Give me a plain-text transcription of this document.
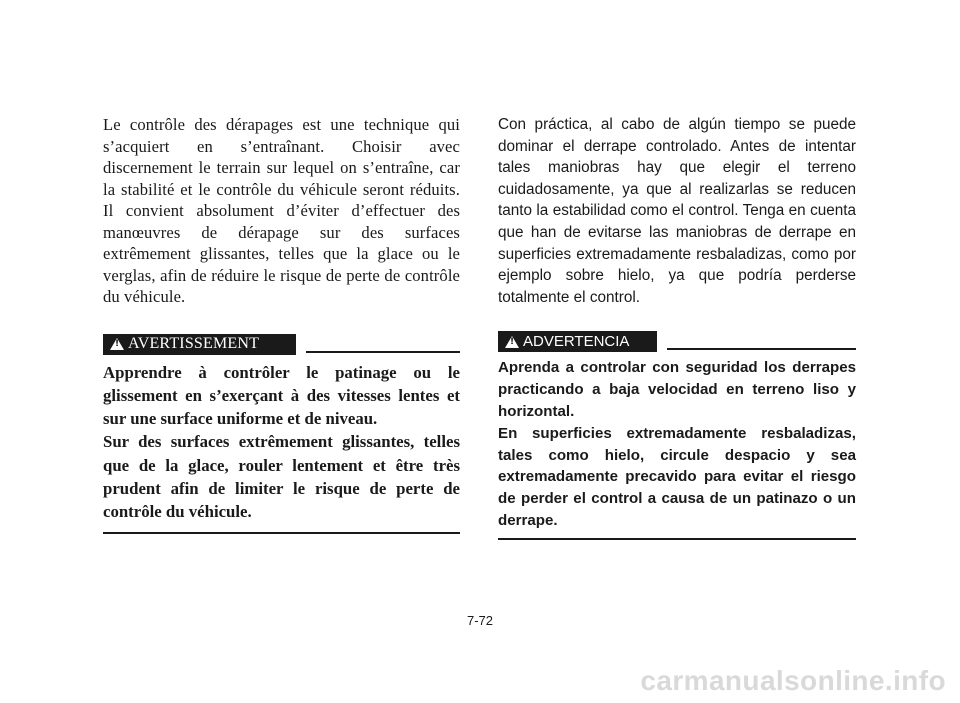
Le contrôle des dérapages est une technique qui s’acquiert en s’entraînant. Choisir avec discernement le terrain sur lequel on s’entraîne, car la stabilité et le contrôle du véhicule seront réduits. Il convient absolument d’éviter d’effectuer des manœuvres de dérapage sur des surfaces extrêmement glissantes, telles que la glace ou le verglas, afin de réduire le risque de perte de contrôle du véhicule.

!
AVERTISSEMENT

Apprendre à contrôler le patinage ou le glissement en s’exerçant à des vitesses lentes et sur une surface uniforme et de niveau.

Sur des surfaces extrêmement glissantes, telles que de la glace, rouler lentement et être très prudent afin de limiter le risque de perte de contrôle du véhicule.

Con práctica, al cabo de algún tiempo se puede dominar el derrape controlado. Antes de intentar tales maniobras hay que elegir el terreno cuidadosamente, ya que al realizarlas se reducen tanto la estabilidad como el control. Tenga en cuenta que han de evitarse las maniobras de derrape en superficies extremadamente resbaladizas, como por ejemplo sobre hielo, ya que podría perderse totalmente el control.

!
ADVERTENCIA

Aprenda a controlar con seguridad los derrapes practicando a baja velocidad en terreno liso y horizontal.

En superficies extremadamente resbaladizas, tales como hielo, circule despacio y sea extremadamente precavido para evitar el riesgo de perder el control a causa de un patinazo o un derrape.

7-72
carmanualsonline.info
